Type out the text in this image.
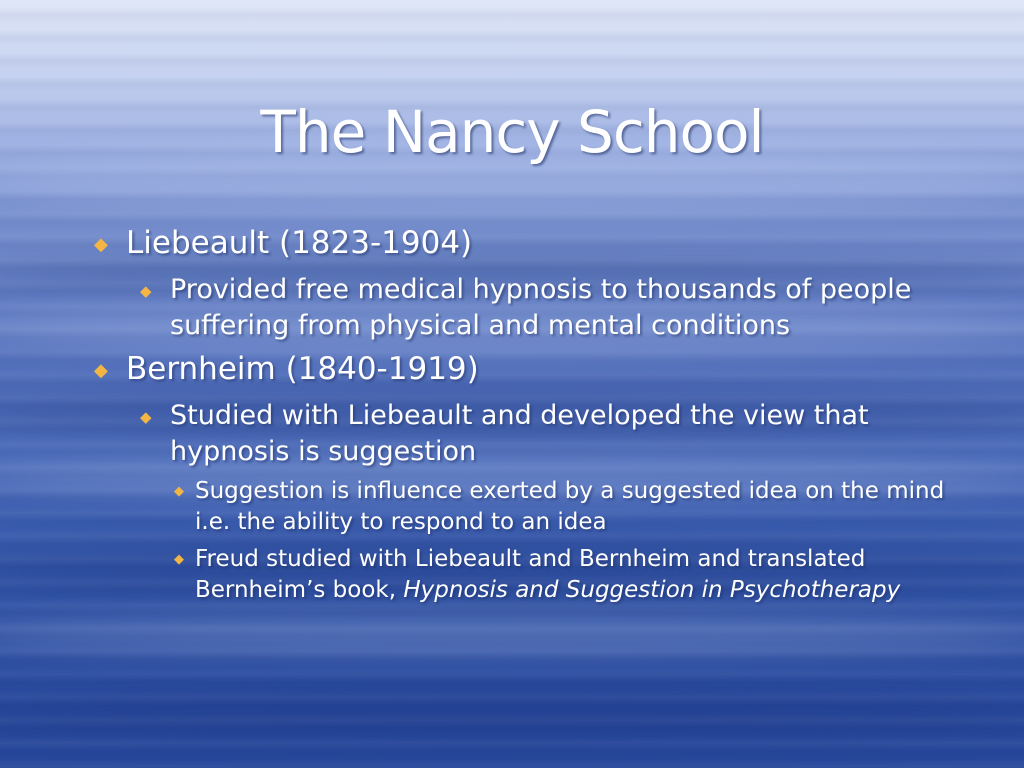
The Nancy School
◆ Liebeault (1823-1904)
◆ Provided free medical hypnosis to thousands of people suffering from physical and mental conditions
◆ Bernheim (1840-1919)
◆ Studied with Liebeault and developed the view that hypnosis is suggestion
◆ Suggestion is influence exerted by a suggested idea on the mind i.e. the ability to respond to an idea
◆ Freud studied with Liebeault and Bernheim and translated Bernheim’s book, Hypnosis and Suggestion in Psychotherapy
